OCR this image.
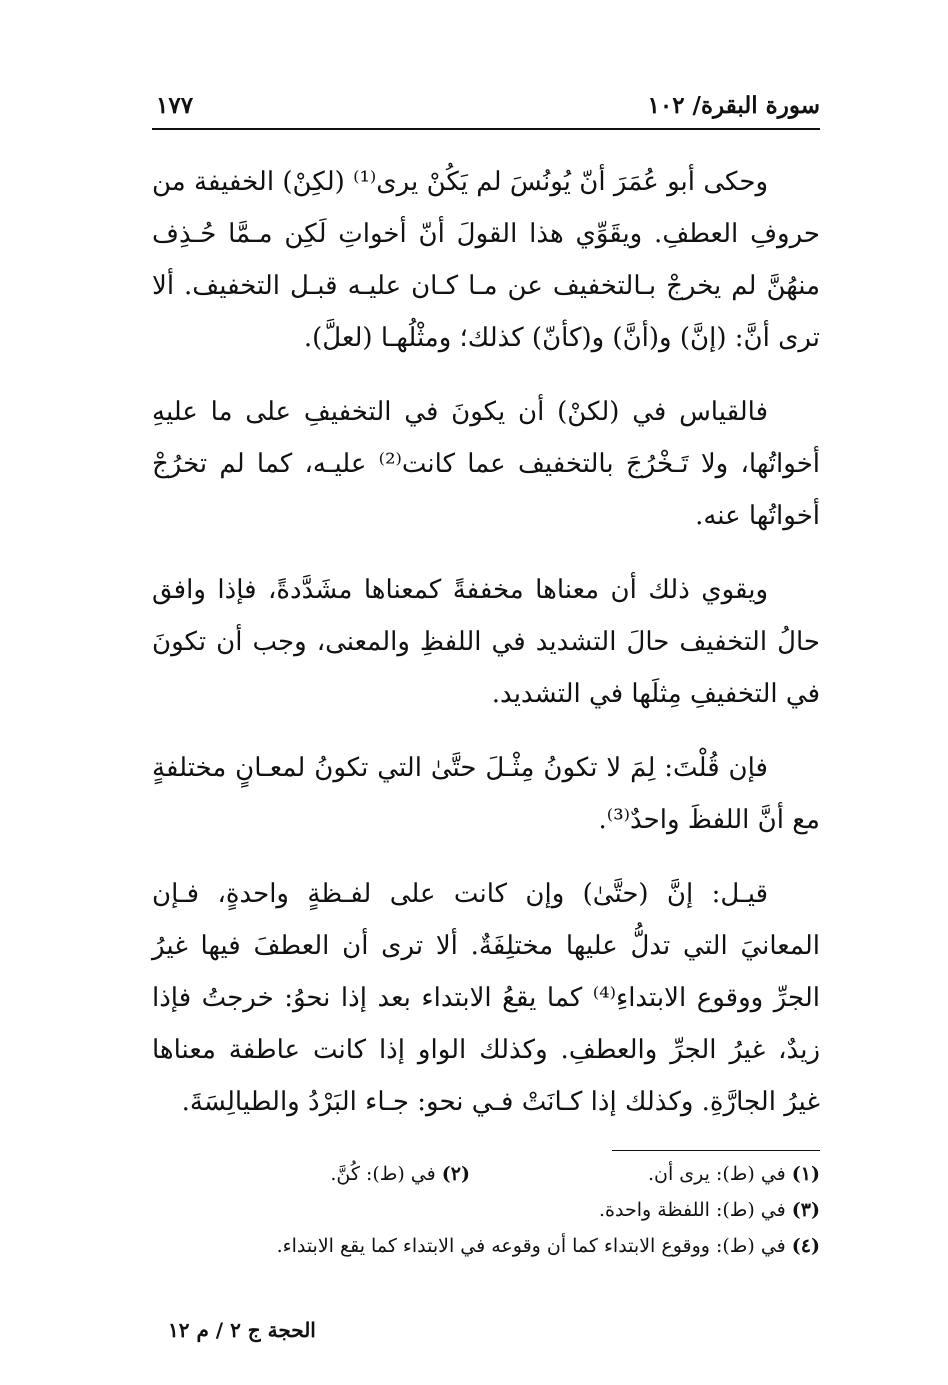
سورة البقرة/ ١٠٢
١٧٧

وحكى أبو عُمَرَ أنّ يُونُسَ لم يَكُنْ يرى⁽¹⁾ (لكِنْ) الخفيفة من حروفِ العطفِ. ويقَوِّي هذا القولَ أنّ أخواتِ لَكِن مـمَّا حُـذِف منهُنَّ لم يخرجْ بـالتخفيف عن مـا كـان عليـه قبـل التخفيف. ألا ترى أنَّ: (إنَّ) و(أنَّ) و(كأنّ) كذلك؛ ومثْلُهـا (لعلَّ).

فالقياس في (لكنْ) أن يكونَ في التخفيفِ على ما عليهِ أخواتُها، ولا تَـخْرُجَ بالتخفيف عما كانت⁽²⁾ عليـه، كما لم تخرُجْ أخواتُها عنه.

ويقوي ذلك أن معناها مخففةً كمعناها مشَدَّدةً، فإذا وافق حالُ التخفيف حالَ التشديد في اللفظِ والمعنى، وجب أن تكونَ في التخفيفِ مِثلَها في التشديد.

فإن قُلْتَ: لِمَ لا تكونُ مِثْـلَ حتَّىٰ التي تكونُ لمعـانٍ مختلفةٍ مع أنَّ اللفظَ واحدٌ⁽³⁾.

قيـل: إنَّ (حتَّىٰ) وإن كانت على لفـظةٍ واحدةٍ، فـإن المعانيَ التي تدلُّ عليها مختلِفَةٌ. ألا ترى أن العطفَ فيها غيرُ الجرِّ ووقوع الابتداءِ⁽⁴⁾ كما يقعُ الابتداء بعد إذا نحوُ: خرجتُ فإذا زيدٌ، غيرُ الجرِّ والعطفِ. وكذلك الواو إذا كانت عاطفة معناها غيرُ الجارَّةِ. وكذلك إذا كـانَتْ فـي نحو: جـاء البَرْدُ والطيالِسَةَ.

(١) في (ط): يرى أن.
(٢) في (ط): كُنَّ.
(٣) في (ط): اللفظة واحدة.
(٤) في (ط): ووقوع الابتداء كما أن وقوعه في الابتداء كما يقع الابتداء.
الحجة ج ٢ / م ١٢
